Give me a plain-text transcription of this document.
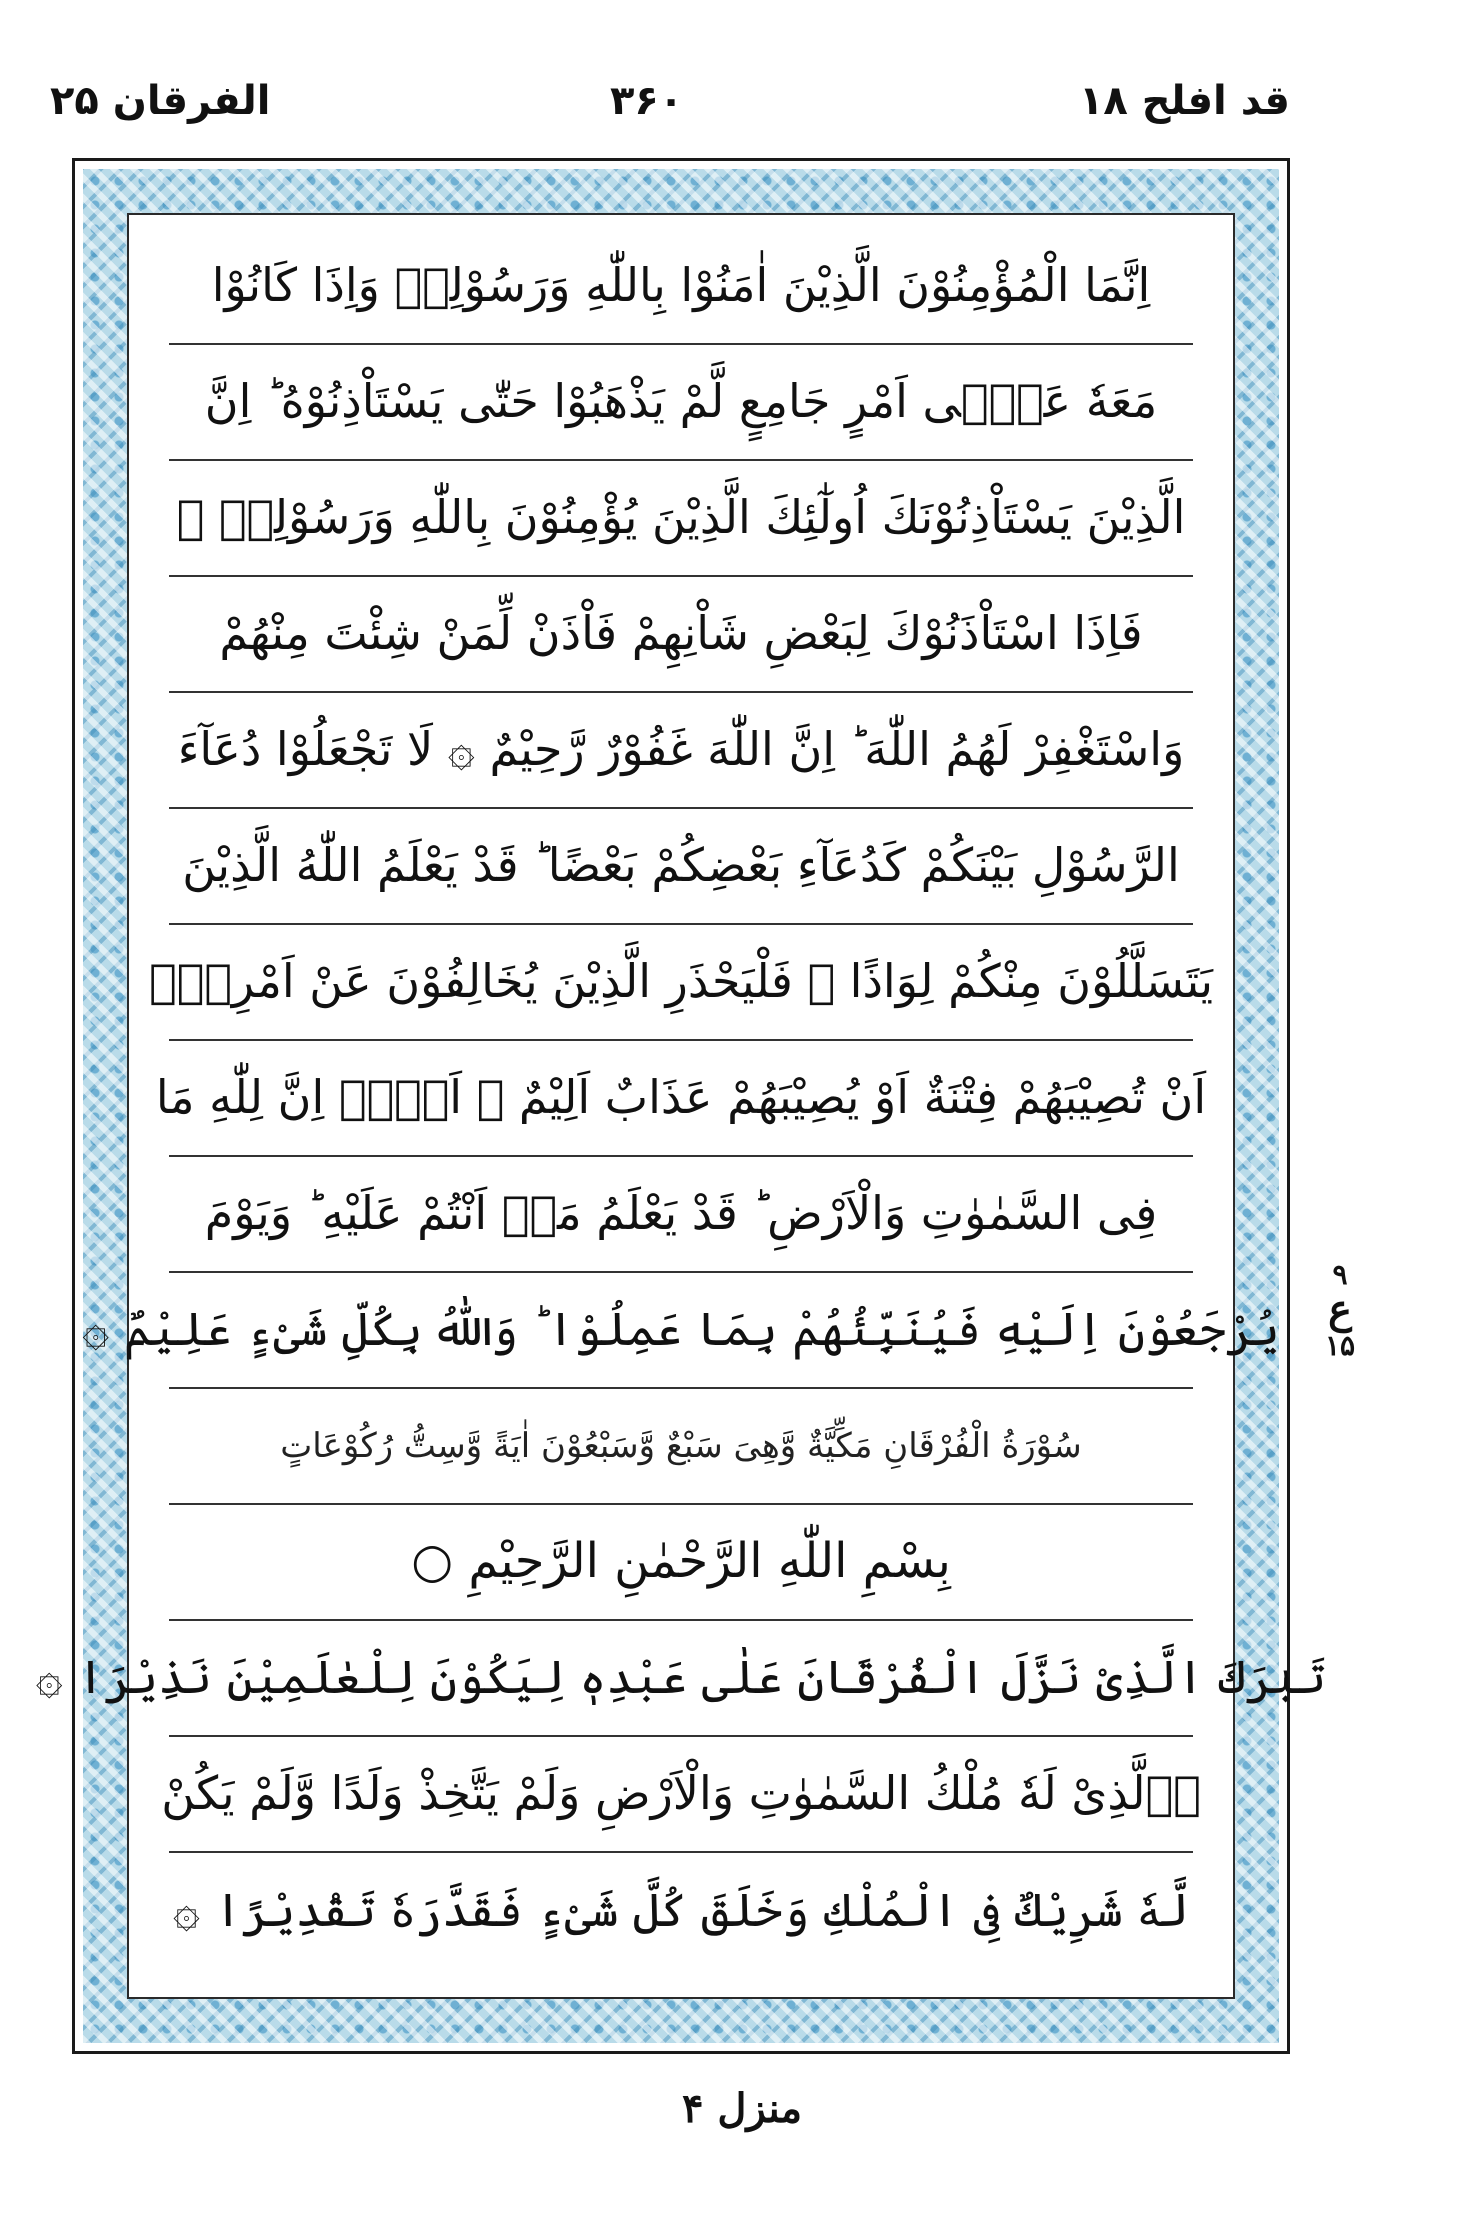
الفرقان ۲۵	۳۶۰	قد افلح ۱۸
اِنَّمَا الْمُؤْمِنُوْنَ الَّذِيْنَ اٰمَنُوْا بِاللّٰهِ وَرَسُوْلِهٖ وَاِذَا كَانُوْا
مَعَهٗ عَلٰۤى اَمْرٍ جَامِعٍ لَّمْ يَذْهَبُوْا حَتّٰى يَسْتَاْذِنُوْهُ ؕ اِنَّ
الَّذِيْنَ يَسْتَاْذِنُوْنَكَ اُولٰٓئِكَ الَّذِيْنَ يُؤْمِنُوْنَ بِاللّٰهِ وَرَسُوْلِهٖ ۚ
فَاِذَا اسْتَاْذَنُوْكَ لِبَعْضِ شَاْنِهِمْ فَاْذَنْ لِّمَنْ شِئْتَ مِنْهُمْ
وَاسْتَغْفِرْ لَهُمُ اللّٰهَ ؕ اِنَّ اللّٰهَ غَفُوْرٌ رَّحِيْمٌ ۞ لَا تَجْعَلُوْا دُعَآءَ
الرَّسُوْلِ بَيْنَكُمْ كَدُعَآءِ بَعْضِكُمْ بَعْضًا ؕ قَدْ يَعْلَمُ اللّٰهُ الَّذِيْنَ
يَتَسَلَّلُوْنَ مِنْكُمْ لِوَاذًا ۚ فَلْيَحْذَرِ الَّذِيْنَ يُخَالِفُوْنَ عَنْ اَمْرِهٖۤ
اَنْ تُصِيْبَهُمْ فِتْنَةٌ اَوْ يُصِيْبَهُمْ عَذَابٌ اَلِيْمٌ ۞ اَلَاۤ اِنَّ لِلّٰهِ مَا
فِى السَّمٰوٰتِ وَالْاَرْضِ ؕ قَدْ يَعْلَمُ مَاۤ اَنْتُمْ عَلَيْهِ ؕ وَيَوْمَ
يُرْجَعُوْنَ اِلَيْهِ فَيُنَبِّئُهُمْ بِمَا عَمِلُوْا ؕ وَاللّٰهُ بِكُلِّ شَىْءٍ عَلِيْمٌ ۞
سُوْرَةُ الْفُرْقَانِ مَكِّيَّةٌ وَّهِىَ سَبْعٌ وَّسَبْعُوْنَ اٰيَةً وَّسِتُّ رُكُوْعَاتٍ
بِسْمِ اللّٰهِ الرَّحْمٰنِ الرَّحِيْمِ ○
تَبٰرَكَ الَّذِىْ نَزَّلَ الْفُرْقَانَ عَلٰى عَبْدِهٖ لِيَكُوْنَ لِلْعٰلَمِيْنَ نَذِيْرَا ۞
اۨلَّذِىْ لَهٗ مُلْكُ السَّمٰوٰتِ وَالْاَرْضِ وَلَمْ يَتَّخِذْ وَلَدًا وَّلَمْ يَكُنْ
لَّهٗ شَرِيْكٌ فِى الْمُلْكِ وَخَلَقَ كُلَّ شَىْءٍ فَقَدَّرَهٗ تَقْدِيْرًا ۞
۹
ع
۱۵
منزل ۴
